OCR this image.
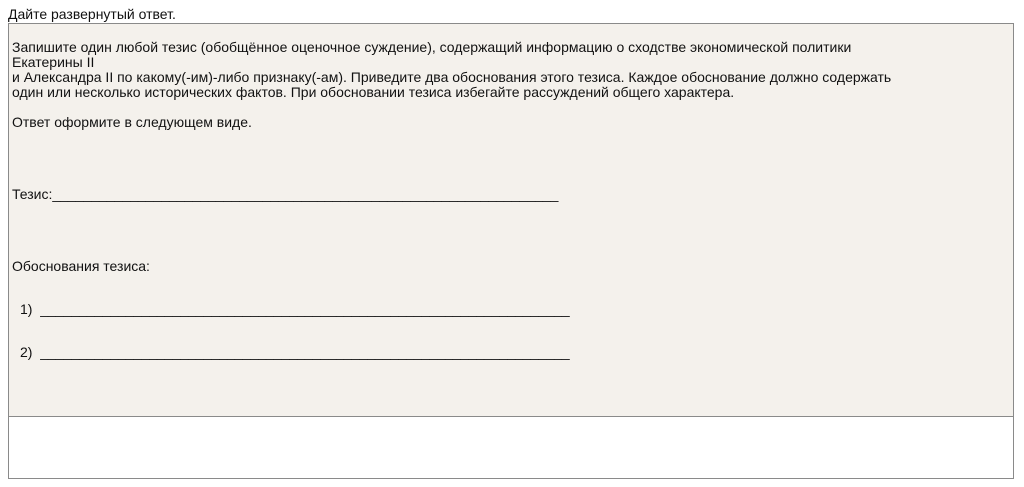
Дайте развернутый ответ.
Запишите один любой тезис (обобщённое оценочное суждение), содержащий информацию о сходстве экономической политики
Екатерины II
и Александра II по какому(-им)-либо признаку(-ам). Приведите два обоснования этого тезиса. Каждое обоснование должно содержать
один или несколько исторических фактов. При обосновании тезиса избегайте рассуждений общего характера.
Ответ оформите в следующем виде.
Тезис:_________________________________________________________________
Обоснования тезиса:
1)  ____________________________________________________________________
2)  ____________________________________________________________________
